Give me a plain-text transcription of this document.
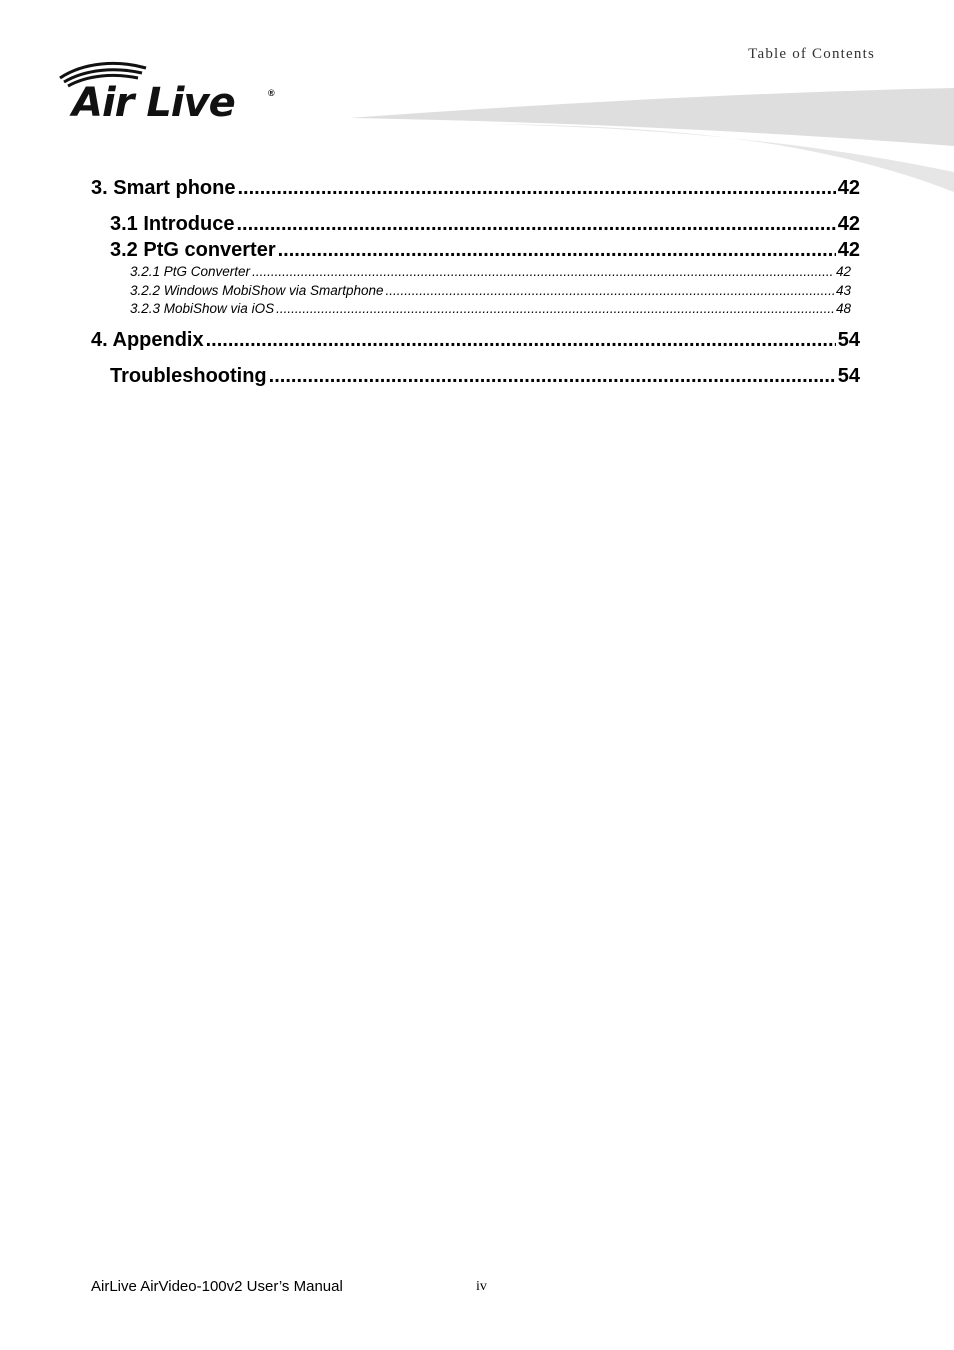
Table of Contents
Air Live	®
3. Smart phone .....	42
3.1 Introduce .....	42
3.2 PtG converter .....	42
3.2.1 PtG Converter .....	42
3.2.2 Windows MobiShow via Smartphone .....	43
3.2.3 MobiShow via iOS .....	48
4. Appendix .....	54
Troubleshooting .....	54
AirLive AirVideo-100v2 User’s Manual	iv
